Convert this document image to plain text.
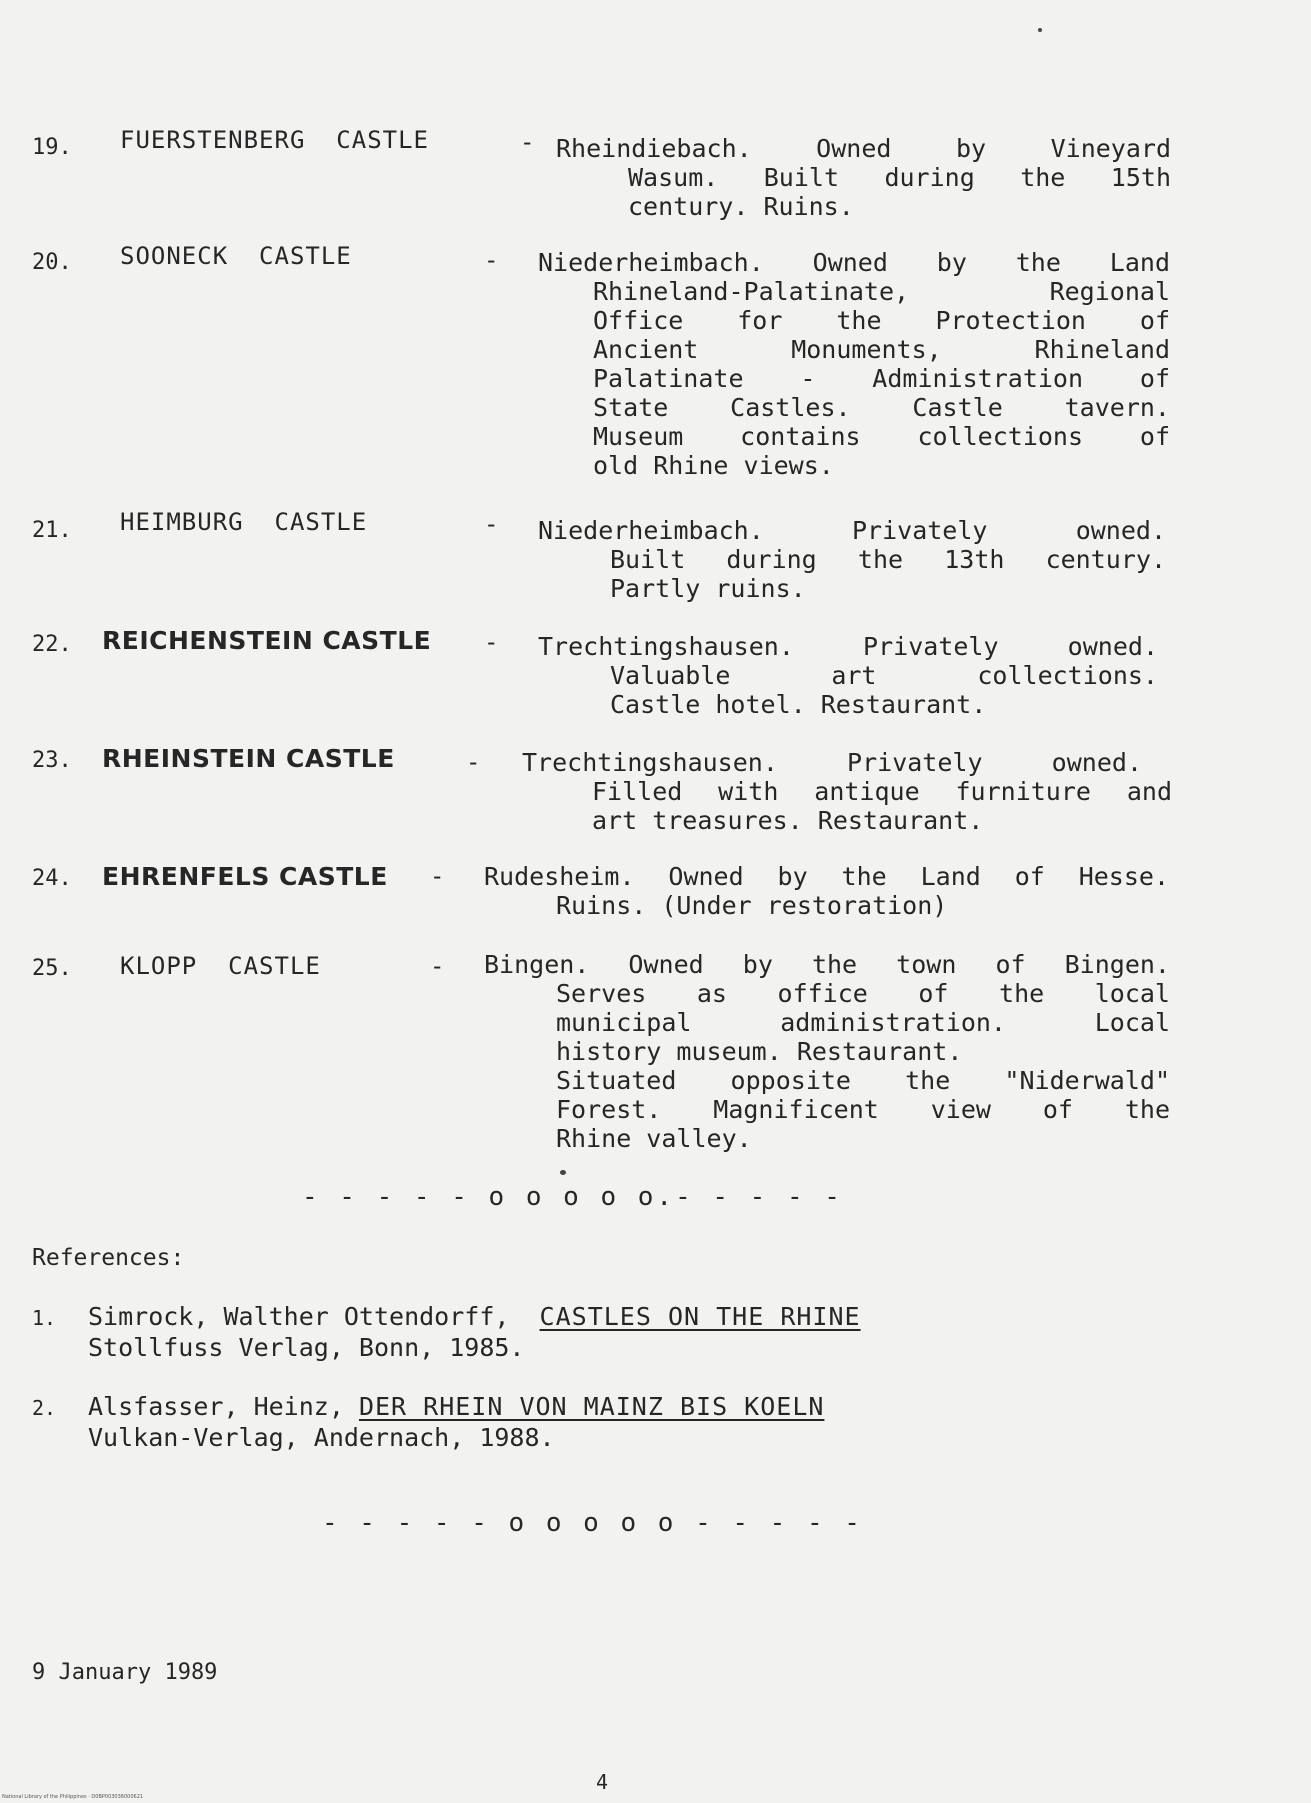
19. FUERSTENBERG  CASTLE	- Rheindiebach. Owned by Vineyard
Wasum. Built during the 15th
century. Ruins.
20. SOONECK  CASTLE	- Niederheimbach. Owned by the Land
Rhineland-Palatinate, Regional
Office for the Protection of
Ancient Monuments, Rhineland
Palatinate - Administration of
State Castles. Castle tavern.
Museum contains collections of
old Rhine views.
21. HEIMBURG  CASTLE	- Niederheimbach. Privately owned.
Built during the 13th century.
Partly ruins.
22. REICHENSTEIN CASTLE - Trechtingshausen. Privately owned.
Valuable art collections.
Castle hotel. Restaurant.
23. RHEINSTEIN CASTLE	- Trechtingshausen. Privately owned.
Filled with antique furniture and
art treasures. Restaurant.
24. EHRENFELS CASTLE - Rudesheim. Owned by the Land of Hesse.
Ruins. (Under restoration)
25. KLOPP  CASTLE	- Bingen. Owned by the town of Bingen.
Serves as office of the local
municipal administration. Local
history museum. Restaurant.
Situated opposite the "Niderwald"
Forest. Magnificent view of the
Rhine valley.
- - - - - o o o o o.- - - - -
References:
1. Simrock, Walther Ottendorff, CASTLES ON THE RHINE
Stollfuss Verlag, Bonn, 1985.
2. Alsfasser, Heinz, DER RHEIN VON MAINZ BIS KOELN
Vulkan-Verlag, Andernach, 1988.
- - - - - o o o o o - - - - -
9 January 1989
4
National Library of the Philippines · D0BP003036000621
